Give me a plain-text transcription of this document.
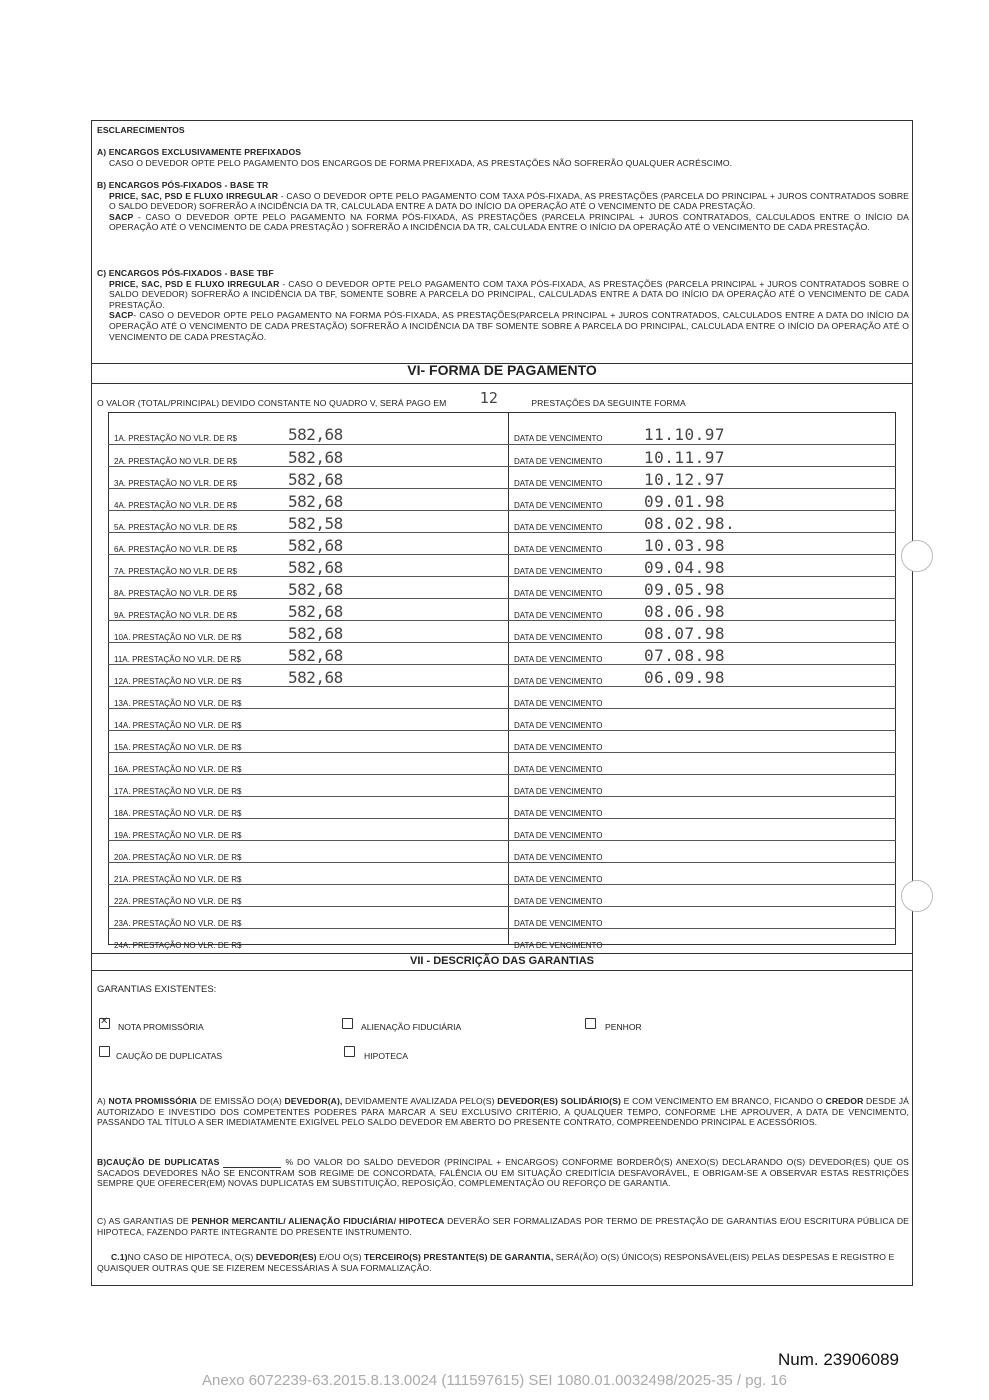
ESCLARECIMENTOS
A) ENCARGOS EXCLUSIVAMENTE PREFIXADOS
CASO O DEVEDOR OPTE PELO PAGAMENTO DOS ENCARGOS DE FORMA PREFIXADA, AS PRESTAÇÕES NÃO SOFRERÃO QUALQUER ACRÉSCIMO.
B) ENCARGOS PÓS-FIXADOS - BASE TR
PRICE, SAC, PSD E FLUXO IRREGULAR - CASO O DEVEDOR OPTE PELO PAGAMENTO COM TAXA PÓS-FIXADA, AS PRESTAÇÕES (PARCELA DO PRINCIPAL + JUROS CONTRATADOS SOBRE O SALDO DEVEDOR) SOFRERÃO A INCIDÊNCIA DA TR, CALCULADA ENTRE A DATA DO INÍCIO DA OPERAÇÃO ATÉ O VENCIMENTO DE CADA PRESTAÇÃO.
SACP - CASO O DEVEDOR OPTE PELO PAGAMENTO NA FORMA PÓS-FIXADA, AS PRESTAÇÕES (PARCELA PRINCIPAL + JUROS CONTRATADOS, CALCULADOS ENTRE O INÍCIO DA OPERAÇÃO ATÉ O VENCIMENTO DE CADA PRESTAÇÃO ) SOFRERÃO A INCIDÊNCIA DA TR, CALCULADA ENTRE O INÍCIO DA OPERAÇÃO ATÉ O VENCIMENTO DE CADA PRESTAÇÃO.
C) ENCARGOS PÓS-FIXADOS - BASE TBF
PRICE, SAC, PSD E FLUXO IRREGULAR - CASO O DEVEDOR OPTE PELO PAGAMENTO COM TAXA PÓS-FIXADA, AS PRESTAÇÕES (PARCELA PRINCIPAL + JUROS CONTRATADOS SOBRE O SALDO DEVEDOR) SOFRERÃO A INCIDÊNCIA DA TBF, SOMENTE SOBRE A PARCELA DO PRINCIPAL, CALCULADAS ENTRE A DATA DO INÍCIO DA OPERAÇÃO ATÉ O VENCIMENTO DE CADA PRESTAÇÃO.
SACP- CASO O DEVEDOR OPTE PELO PAGAMENTO NA FORMA PÓS-FIXADA, AS PRESTAÇÕES(PARCELA PRINCIPAL + JUROS CONTRATADOS, CALCULADOS ENTRE A DATA DO INÍCIO DA OPERAÇÃO ATÉ O VENCIMENTO DE CADA PRESTAÇÃO) SOFRERÃO A INCIDÊNCIA DA TBF SOMENTE SOBRE A PARCELA DO PRINCIPAL, CALCULADA ENTRE O INÍCIO DA OPERAÇÃO ATÉ O VENCIMENTO DE CADA PRESTAÇÃO.
VI- FORMA DE PAGAMENTO
O VALOR (TOTAL/PRINCIPAL) DEVIDO CONSTANTE NO QUADRO V, SERÁ PAGO EM 12	PRESTAÇÕES DA SEGUINTE FORMA
1A. PRESTAÇÃO NO VLR. DE R$	582,68	DATA DE VENCIMENTO	11.10.97
2A. PRESTAÇÃO NO VLR. DE R$	582,68	DATA DE VENCIMENTO	10.11.97
3A. PRESTAÇÃO NO VLR. DE R$	582,68	DATA DE VENCIMENTO	10.12.97
4A. PRESTAÇÃO NO VLR. DE R$	582,68	DATA DE VENCIMENTO	09.01.98
5A. PRESTAÇÃO NO VLR. DE R$	582,58	DATA DE VENCIMENTO	08.02.98.
6A. PRESTAÇÃO NO VLR. DE R$	582,68	DATA DE VENCIMENTO	10.03.98
7A. PRESTAÇÃO NO VLR. DE R$	582,68	DATA DE VENCIMENTO	09.04.98
8A. PRESTAÇÃO NO VLR. DE R$	582,68	DATA DE VENCIMENTO	09.05.98
9A. PRESTAÇÃO NO VLR. DE R$	582,68	DATA DE VENCIMENTO	08.06.98
10A. PRESTAÇÃO NO VLR. DE R$	582,68	DATA DE VENCIMENTO	08.07.98
11A. PRESTAÇÃO NO VLR. DE R$	582,68	DATA DE VENCIMENTO	07.08.98
12A. PRESTAÇÃO NO VLR. DE R$	582,68	DATA DE VENCIMENTO	06.09.98
13A. PRESTAÇÃO NO VLR. DE R$	DATA DE VENCIMENTO
14A. PRESTAÇÃO NO VLR. DE R$	DATA DE VENCIMENTO
15A. PRESTAÇÃO NO VLR. DE R$	DATA DE VENCIMENTO
16A. PRESTAÇÃO NO VLR. DE R$	DATA DE VENCIMENTO
17A. PRESTAÇÃO NO VLR. DE R$	DATA DE VENCIMENTO
18A. PRESTAÇÃO NO VLR. DE R$	DATA DE VENCIMENTO
19A. PRESTAÇÃO NO VLR. DE R$	DATA DE VENCIMENTO
20A. PRESTAÇÃO NO VLR. DE R$	DATA DE VENCIMENTO
21A. PRESTAÇÃO NO VLR. DE R$	DATA DE VENCIMENTO
22A. PRESTAÇÃO NO VLR. DE R$	DATA DE VENCIMENTO
23A. PRESTAÇÃO NO VLR. DE R$	DATA DE VENCIMENTO
24A. PRESTAÇÃO NO VLR. DE R$	DATA DE VENCIMENTO
VII - DESCRIÇÃO DAS GARANTIAS
GARANTIAS EXISTENTES:
✕
NOTA PROMISSÓRIA	ALIENAÇÃO FIDUCIÁRIA	PENHOR
CAUÇÃO DE DUPLICATAS	HIPOTECA
A) NOTA PROMISSÓRIA DE EMISSÃO DO(A) DEVEDOR(A), DEVIDAMENTE AVALIZADA PELO(S) DEVEDOR(ES) SOLIDÁRIO(S) E COM VENCIMENTO EM BRANCO, FICANDO O CREDOR DESDE JÁ AUTORIZADO E INVESTIDO DOS COMPETENTES PODERES PARA MARCAR A SEU EXCLUSIVO CRITÉRIO, A QUALQUER TEMPO, CONFORME LHE APROUVER, A DATA DE VENCIMENTO, PASSANDO TAL TÍTULO A SER IMEDIATAMENTE EXIGÍVEL PELO SALDO DEVEDOR EM ABERTO DO PRESENTE CONTRATO, COMPREENDENDO PRINCIPAL E ACESSÓRIOS.
B)CAUÇÃO DE DUPLICATAS	% DO VALOR DO SALDO DEVEDOR (PRINCIPAL + ENCARGOS) CONFORME BORDERÔ(S) ANEXO(S) DECLARANDO O(S) DEVEDOR(ES) QUE OS SACADOS DEVEDORES NÃO SE ENCONTRAM SOB REGIME DE CONCORDATA, FALÊNCIA OU EM SITUAÇÃO CREDITÍCIA DESFAVORÁVEL, E OBRIGAM-SE A OBSERVAR ESTAS RESTRIÇÕES SEMPRE QUE OFERECER(EM) NOVAS DUPLICATAS EM SUBSTITUIÇÃO, REPOSIÇÃO, COMPLEMENTAÇÃO OU REFORÇO DE GARANTIA.
C) AS GARANTIAS DE PENHOR MERCANTIL/ ALIENAÇÃO FIDUCIÁRIA/ HIPOTECA DEVERÃO SER FORMALIZADAS POR TERMO DE PRESTAÇÃO DE GARANTIAS E/OU ESCRITURA PÚBLICA DE HIPOTECA, FAZENDO PARTE INTEGRANTE DO PRESENTE INSTRUMENTO.
C.1)NO CASO DE HIPOTECA, O(S) DEVEDOR(ES) E/OU O(S) TERCEIRO(S) PRESTANTE(S) DE GARANTIA, SERÁ(ÃO) O(S) ÚNICO(S) RESPONSÁVEL(EIS) PELAS DESPESAS E REGISTRO E QUAISQUER OUTRAS QUE SE FIZEREM NECESSÁRIAS À SUA FORMALIZAÇÃO.
Num. 23906089
Anexo 6072239-63.2015.8.13.0024 (111597615) SEI 1080.01.0032498/2025-35 / pg. 16
